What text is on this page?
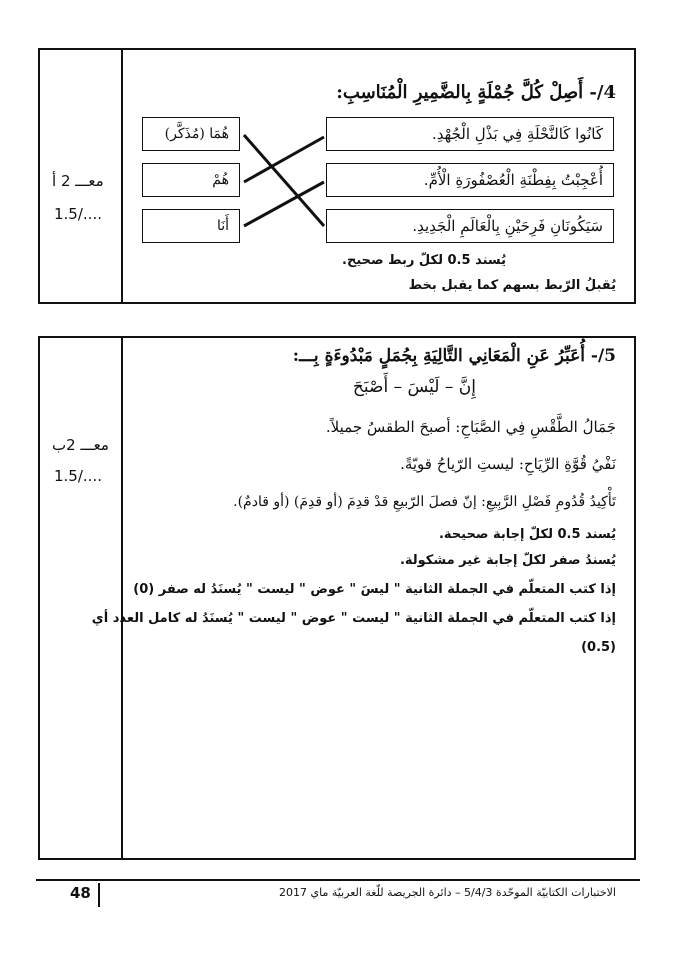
معـــ 2 أ
1.5/....
4/- أَصِلْ كُلَّ جُمْلَةٍ بِالضَّمِيرِ الْمُنَاسِبِ:
كَانُوا كَالنَّحْلَةِ فِي بَذْلِ الْجُهْدِ.
أُعْجِبْتُ بِفِطْنَةِ الْعُصْفُورَةِ الْأُمِّ.
سَيَكُونَانِ فَرِحَيْنِ بِالْعَالَمِ الْجَدِيدِ.
هُمَا (مُذَكَّر)
هُمْ
أَنَا
يُسند 0.5 لكلّ ربط صحيح.
يُقبلُ الرّبط بسهم كما يقبل بخط
معـــ 2ب
1.5/....
5/- أُعَبِّرُ عَنِ الْمَعَانِي التَّالِيَةِ بِجُمَلٍ مَبْدُوءَةٍ بِـــ:
إِنَّ – لَيْسَ – أَصْبَحَ
جَمَالُ الطَّقْسِ فِي الصَّبَاحِ: أصبحَ الطقسُ جميلاً.
نَفْيُ قُوَّةِ الرِّيَاحِ: ليستِ الرّياحُ قويّةً.
تَأْكِيدُ قُدُومِ فَصْلِ الرَّبِيعِ: إنّ فصلَ الرّبيعِ قدْ قدِمَ (أو قدِمَ) (أو قادمٌ).
يُسند 0.5 لكلّ إجابة صحيحة.
يُسندُ صفر لكلّ إجابة غير مشكولة.
إذا كتب المتعلّم في الجملة الثانية " ليسَ " عوض " ليست " يُسنَدُ له صفر (0)
إذا كتب المتعلّم في الجملة الثانية " ليست " عوض " ليست " يُسنَدُ له كامل العدد أي
(0.5)
48	الاختبارات الكتابيّة الموحّدة 5/4/3 – دائرة الجريصة للّغة العربيّة ماي 2017
